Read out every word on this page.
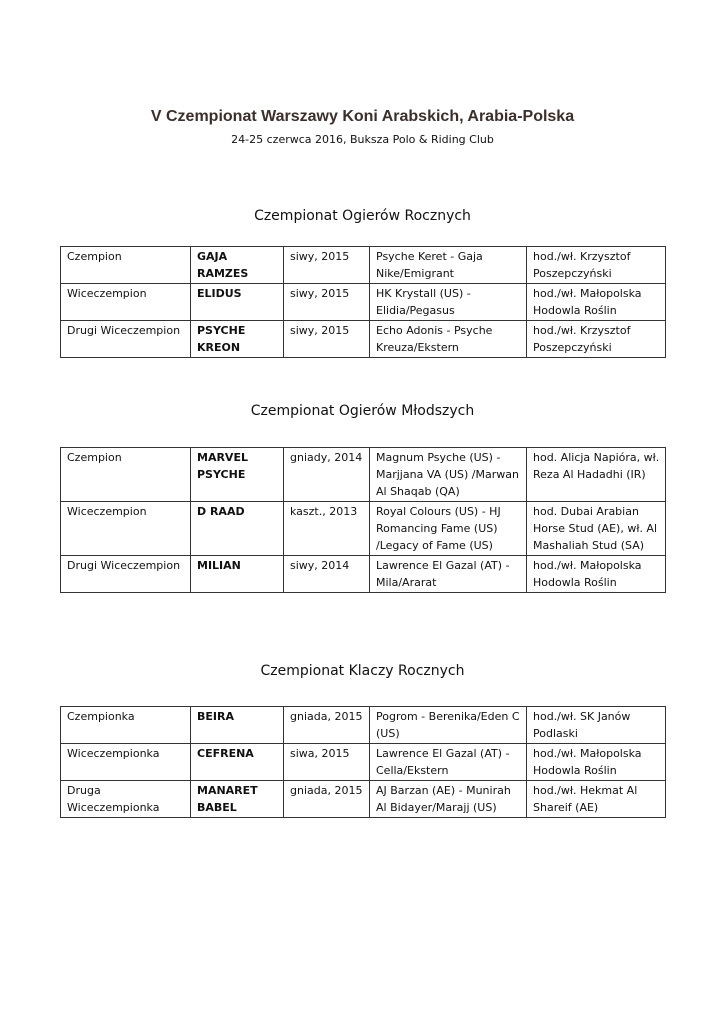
V Czempionat Warszawy Koni Arabskich, Arabia-Polska
24-25 czerwca 2016, Buksza Polo & Riding Club
Czempionat Ogierów Rocznych
Czempion	GAJA RAMZES	siwy, 2015	Psyche Keret - Gaja Nike/Emigrant	hod./wł. Krzysztof Poszepczyński
Wiceczempion	ELIDUS	siwy, 2015	HK Krystall (US) - Elidia/Pegasus	hod./wł. Małopolska Hodowla Roślin
Drugi Wiceczempion	PSYCHE KREON	siwy, 2015	Echo Adonis - Psyche Kreuza/Ekstern	hod./wł. Krzysztof Poszepczyński
Czempionat Ogierów Młodszych
Czempion	MARVEL PSYCHE	gniady, 2014	Magnum Psyche (US) - Marjjana VA (US) /Marwan Al Shaqab (QA)	hod. Alicja Napióra, wł. Reza Al Hadadhi (IR)
Wiceczempion	D RAAD	kaszt., 2013	Royal Colours (US) - HJ Romancing Fame (US) /Legacy of Fame (US)	hod. Dubai Arabian Horse Stud (AE), wł. Al Mashaliah Stud (SA)
Drugi Wiceczempion	MILIAN	siwy, 2014	Lawrence El Gazal (AT) - Mila/Ararat	hod./wł. Małopolska Hodowla Roślin
Czempionat Klaczy Rocznych
Czempionka	BEIRA	gniada, 2015	Pogrom - Berenika/Eden C (US)	hod./wł. SK Janów Podlaski
Wiceczempionka	CEFRENA	siwa, 2015	Lawrence El Gazal (AT) - Cella/Ekstern	hod./wł. Małopolska Hodowla Roślin
Druga Wiceczempionka	MANARET BABEL	gniada, 2015	AJ Barzan (AE) - Munirah Al Bidayer/Marajj (US)	hod./wł. Hekmat Al Shareif (AE)
